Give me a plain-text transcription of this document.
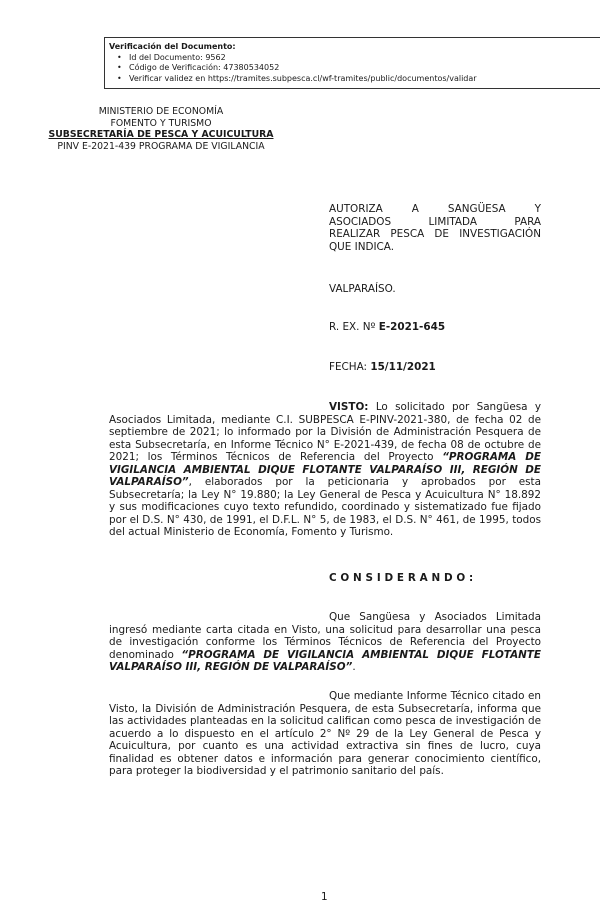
Verificación del Documento:
• Id del Documento: 9562
• Código de Verificación: 47380534052
• Verificar validez en https://tramites.subpesca.cl/wf-tramites/public/documentos/validar
MINISTERIO DE ECONOMÍA
FOMENTO Y TURISMO
SUBSECRETARÍA DE PESCA Y ACUICULTURA
PINV E-2021-439 PROGRAMA DE VIGILANCIA
AUTORIZA A SANGÜESA Y
ASOCIADOS LIMITADA PARA
REALIZAR PESCA DE INVESTIGACIÓN
QUE INDICA.
VALPARAÍSO.
R. EX. Nº E-2021-645
FECHA: 15/11/2021
VISTO: Lo solicitado por Sangüesa y Asociados Limitada, mediante C.I. SUBPESCA E-PINV-2021-380, de fecha 02 de septiembre de 2021; lo informado por la División de Administración Pesquera de esta Subsecretaría, en Informe Técnico N° E-2021-439, de fecha 08 de octubre de 2021; los Términos Técnicos de Referencia del Proyecto “PROGRAMA DE VIGILANCIA AMBIENTAL DIQUE FLOTANTE VALPARAÍSO III, REGIÓN DE VALPARAÍSO”, elaborados por la peticionaria y aprobados por esta Subsecretaría; la Ley N° 19.880; la Ley General de Pesca y Acuicultura N° 18.892 y sus modificaciones cuyo texto refundido, coordinado y sistematizado fue fijado por el D.S. N° 430, de 1991, el D.F.L. N° 5, de 1983, el D.S. N° 461, de 1995, todos del actual Ministerio de Economía, Fomento y Turismo.
CONSIDERANDO:
Que Sangüesa y Asociados Limitada ingresó mediante carta citada en Visto, una solicitud para desarrollar una pesca de investigación conforme los Términos Técnicos de Referencia del Proyecto denominado “PROGRAMA DE VIGILANCIA AMBIENTAL DIQUE FLOTANTE VALPARAÍSO III, REGIÓN DE VALPARAÍSO”.
Que mediante Informe Técnico citado en Visto, la División de Administración Pesquera, de esta Subsecretaría, informa que las actividades planteadas en la solicitud califican como pesca de investigación de acuerdo a lo dispuesto en el artículo 2° Nº 29 de la Ley General de Pesca y Acuicultura, por cuanto es una actividad extractiva sin fines de lucro, cuya finalidad es obtener datos e información para generar conocimiento científico, para proteger la biodiversidad y el patrimonio sanitario del país.
1
